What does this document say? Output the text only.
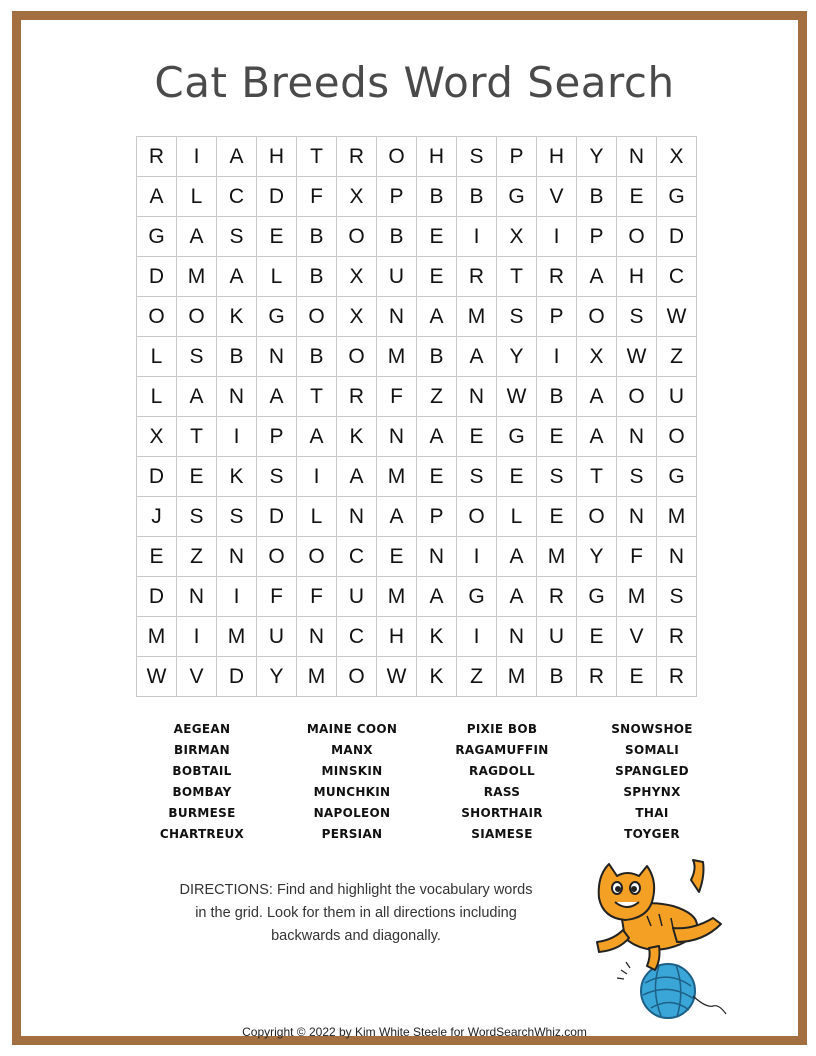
Cat Breeds Word Search
R	I	A	H	T	R	O	H	S	P	H	Y	N	X
A	L	C	D	F	X	P	B	B	G	V	B	E	G
G	A	S	E	B	O	B	E	I	X	I	P	O	D
D	M	A	L	B	X	U	E	R	T	R	A	H	C
O	O	K	G	O	X	N	A	M	S	P	O	S	W
L	S	B	N	B	O	M	B	A	Y	I	X	W	Z
L	A	N	A	T	R	F	Z	N	W	B	A	O	U
X	T	I	P	A	K	N	A	E	G	E	A	N	O
D	E	K	S	I	A	M	E	S	E	S	T	S	G
J	S	S	D	L	N	A	P	O	L	E	O	N	M
E	Z	N	O	O	C	E	N	I	A	M	Y	F	N
D	N	I	F	F	U	M	A	G	A	R	G	M	S
M	I	M	U	N	C	H	K	I	N	U	E	V	R
W	V	D	Y	M	O	W	K	Z	M	B	R	E	R
AEGEAN
BIRMAN
BOBTAIL
BOMBAY
BURMESE
CHARTREUX
MAINE COON
MANX
MINSKIN
MUNCHKIN
NAPOLEON
PERSIAN
PIXIE BOB
RAGAMUFFIN
RAGDOLL
RASS
SHORTHAIR
SIAMESE
SNOWSHOE
SOMALI
SPANGLED
SPHYNX
THAI
TOYGER
DIRECTIONS: Find and highlight the vocabulary words
in the grid. Look for them in all directions including
backwards and diagonally.
Copyright © 2022 by Kim White Steele for WordSearchWhiz.com
